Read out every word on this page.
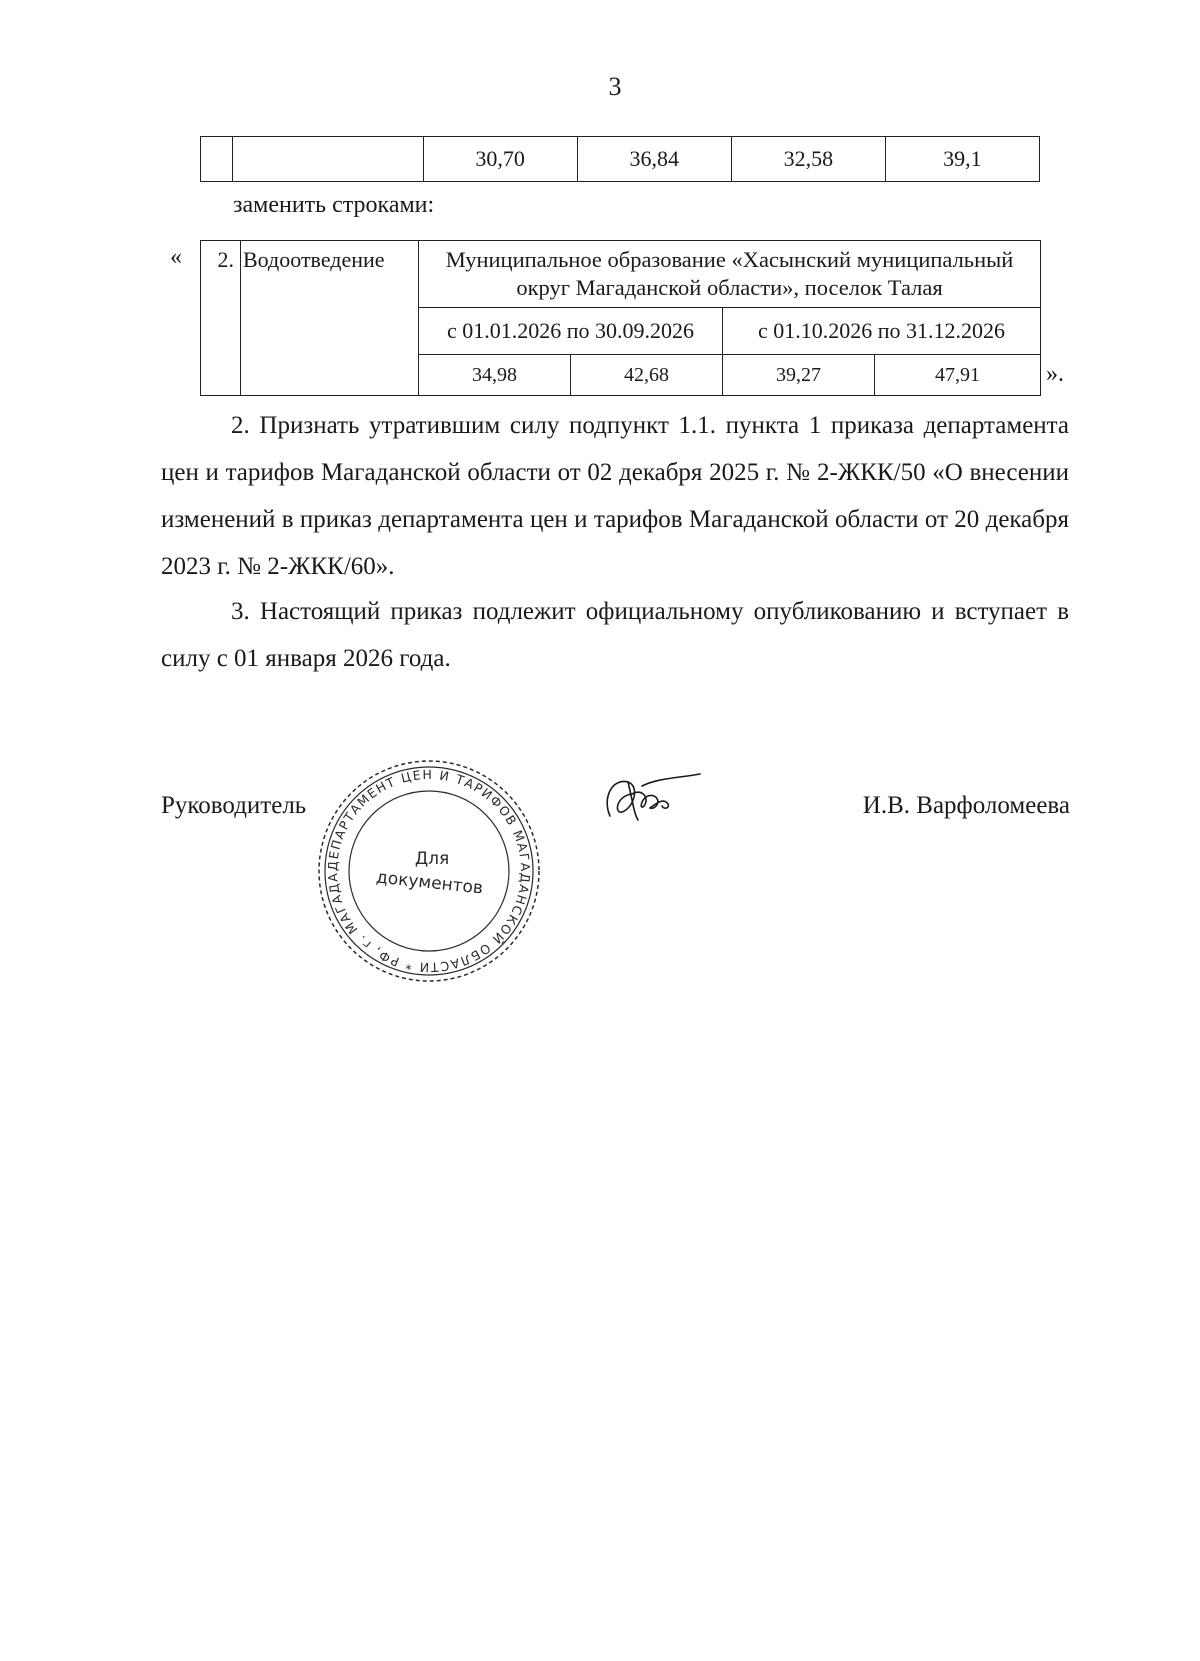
3
		30,70	36,84	32,58	39,1
заменить строками:
« 2.	Водоотведение	Муниципальное образование «Хасынский муниципальный округ Магаданской области», поселок Талая			
		с 01.01.2026 по 30.09.2026		с 01.10.2026 по 31.12.2026	
		34,98	42,68	39,27	47,91	».
2. Признать утратившим силу подпункт 1.1. пункта 1 приказа департамента цен и тарифов Магаданской области от 02 декабря 2025 г. № 2-ЖКК/50 «О внесении изменений в приказ департамента цен и тарифов Магаданской области от 20 декабря 2023 г. № 2-ЖКК/60».
3. Настоящий приказ подлежит официальному опубликованию и вступает в силу с 01 января 2026 года.
Руководитель
ДЕПАРТАМЕНТ ЦЕН И ТАРИФОВ МАГАДАНСКОЙ ОБЛАСТИ * РФ, г. МАГАДА
Для
документов
И.В. Варфоломеева
